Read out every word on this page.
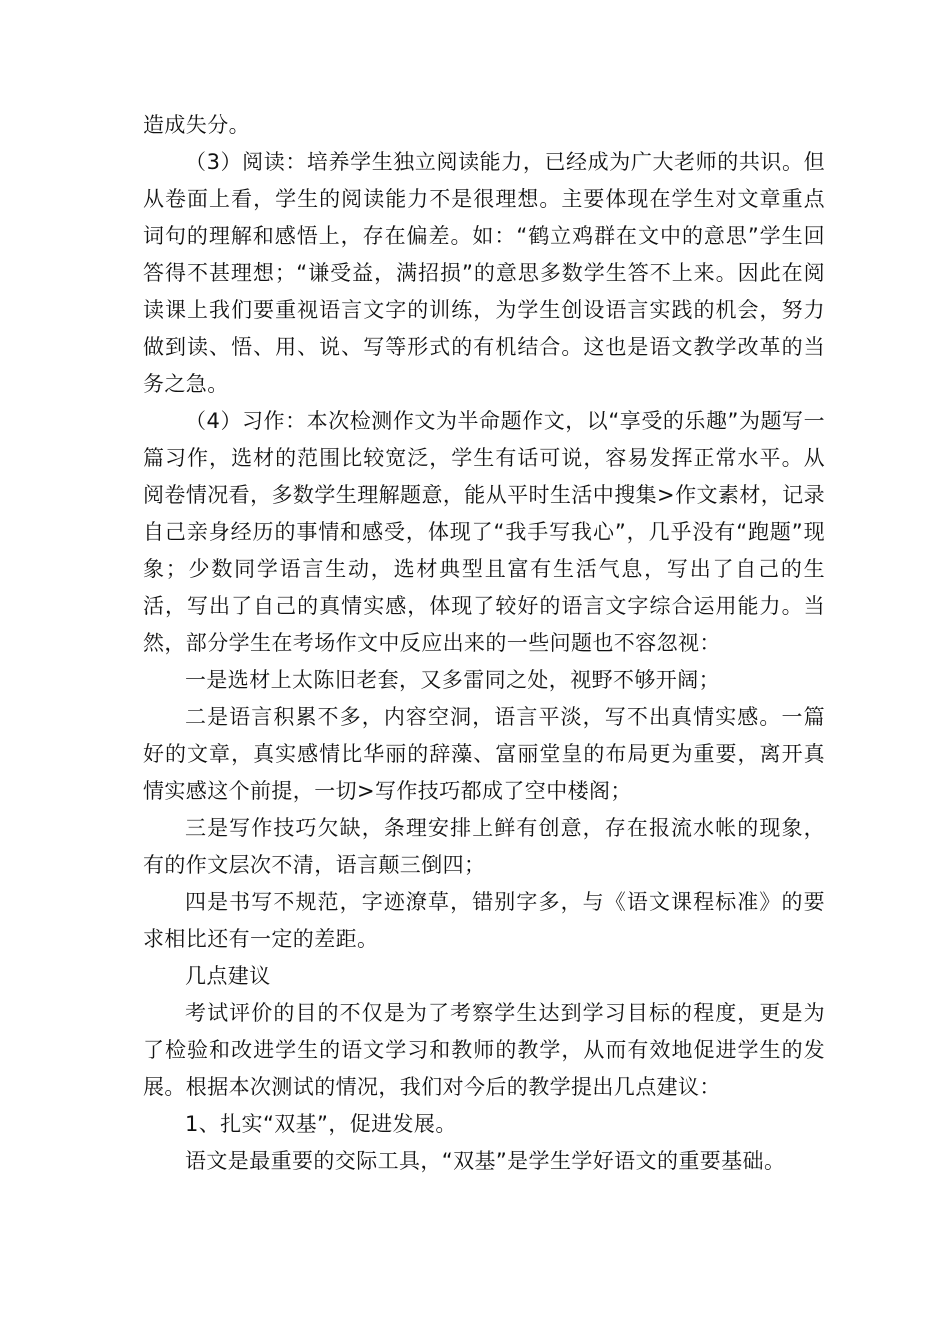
造成失分。

（3）阅读：培养学生独立阅读能力，已经成为广大老师的共识。但从卷面上看，学生的阅读能力不是很理想。主要体现在学生对文章重点词句的理解和感悟上，存在偏差。如：“鹤立鸡群在文中的意思”学生回答得不甚理想；“谦受益，满招损”的意思多数学生答不上来。因此在阅读课上我们要重视语言文字的训练，为学生创设语言实践的机会，努力做到读、悟、用、说、写等形式的有机结合。这也是语文教学改革的当务之急。

（4）习作：本次检测作文为半命题作文，以“享受的乐趣”为题写一篇习作，选材的范围比较宽泛，学生有话可说，容易发挥正常水平。从阅卷情况看，多数学生理解题意，能从平时生活中搜集>作文素材，记录自己亲身经历的事情和感受，体现了“我手写我心”，几乎没有“跑题”现象；少数同学语言生动，选材典型且富有生活气息，写出了自己的生活，写出了自己的真情实感，体现了较好的语言文字综合运用能力。当然，部分学生在考场作文中反应出来的一些问题也不容忽视：

一是选材上太陈旧老套，又多雷同之处，视野不够开阔；

二是语言积累不多，内容空洞，语言平淡，写不出真情实感。一篇好的文章，真实感情比华丽的辞藻、富丽堂皇的布局更为重要，离开真情实感这个前提，一切>写作技巧都成了空中楼阁；

三是写作技巧欠缺，条理安排上鲜有创意，存在报流水帐的现象，有的作文层次不清，语言颠三倒四；

四是书写不规范，字迹潦草，错别字多，与《语文课程标准》的要求相比还有一定的差距。

几点建议

考试评价的目的不仅是为了考察学生达到学习目标的程度，更是为了检验和改进学生的语文学习和教师的教学，从而有效地促进学生的发展。根据本次测试的情况，我们对今后的教学提出几点建议：

1、扎实“双基”，促进发展。

语文是最重要的交际工具，“双基”是学生学好语文的重要基础。
